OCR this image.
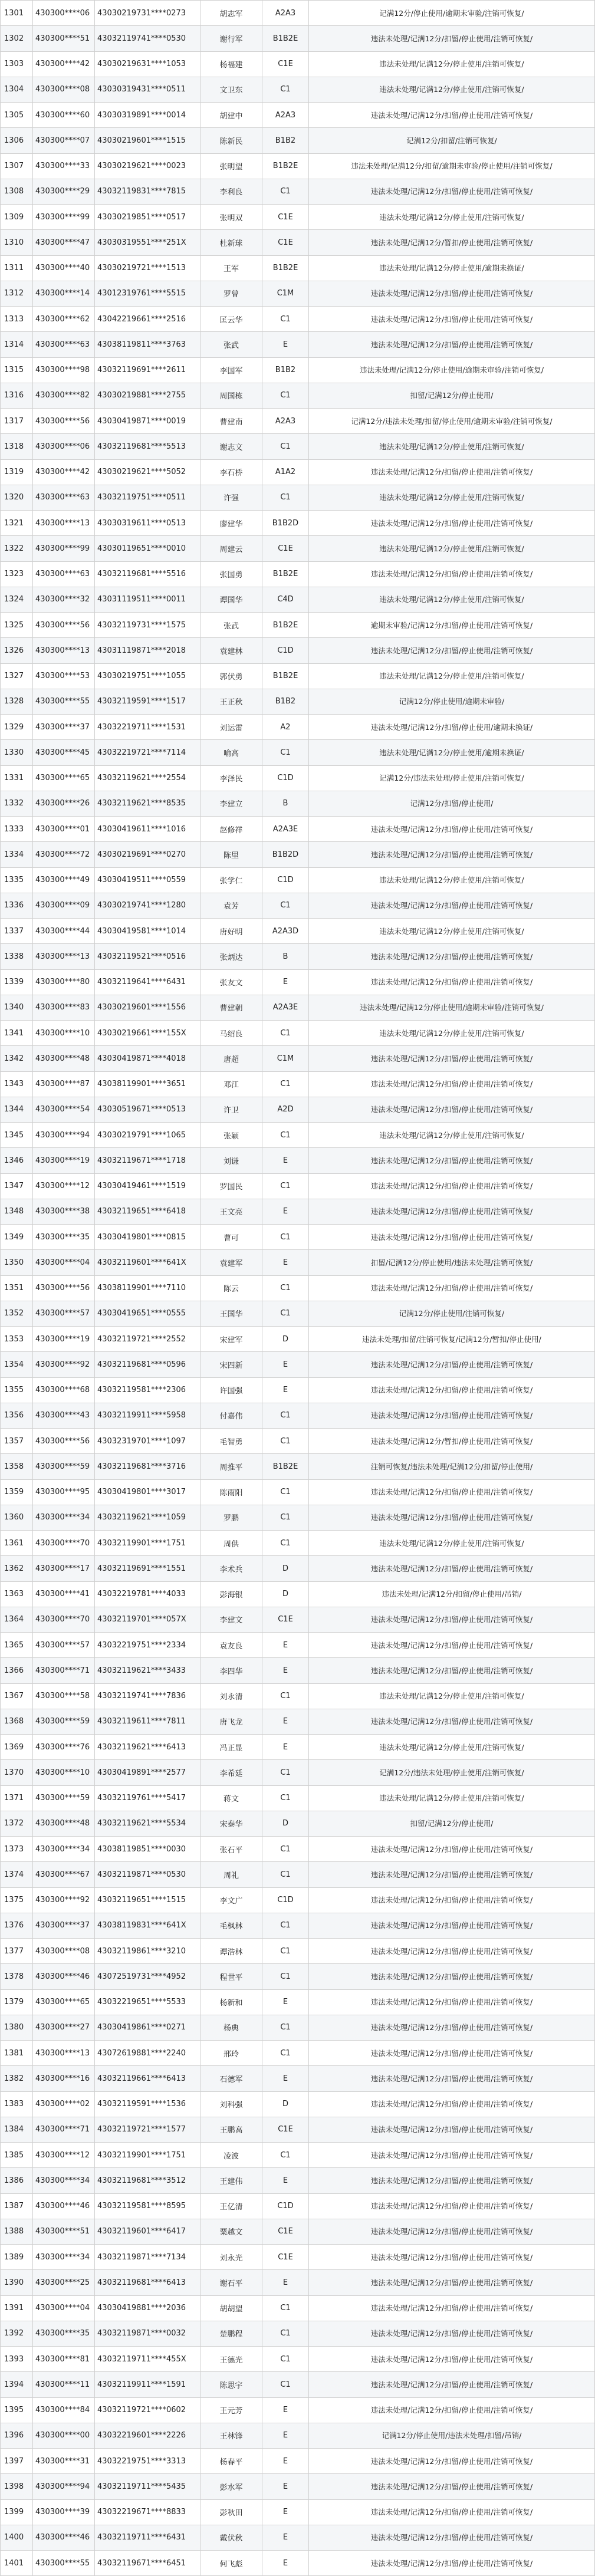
1301	430300****06	43030219731****0273	胡志军	A2A3	记满12分/停止使用/逾期未审验/注销可恢复/
1302	430300****51	43032119741****0530	谢行军	B1B2E	违法未处理/记满12分/扣留/停止使用/注销可恢复/
1303	430300****42	43030219631****1053	杨福建	C1E	违法未处理/记满12分/停止使用/注销可恢复/
1304	430300****08	43030319431****0511	文卫东	C1	违法未处理/记满12分/停止使用/注销可恢复/
1305	430300****60	43030319891****0014	胡建中	A2A3	违法未处理/记满12分/扣留/停止使用/注销可恢复/
1306	430300****07	43030219601****1515	陈新民	B1B2	记满12分/扣留/注销可恢复/
1307	430300****33	43030219621****0023	张明望	B1B2E	违法未处理/记满12分/扣留/逾期未审验/停止使用/注销可恢复/
1308	430300****29	43032119831****7815	李利良	C1	违法未处理/记满12分/扣留/停止使用/注销可恢复/
1309	430300****99	43030219851****0517	张明双	C1E	违法未处理/记满12分/停止使用/注销可恢复/
1310	430300****47	43030319551****251X	杜新球	C1E	违法未处理/记满12分/暂扣/停止使用/注销可恢复/
1311	430300****40	43030219721****1513	王军	B1B2E	违法未处理/记满12分/停止使用/逾期未换证/
1312	430300****14	43012319761****5515	罗曾	C1M	违法未处理/记满12分/扣留/停止使用/注销可恢复/
1313	430300****62	43042219661****2516	匡云华	C1	违法未处理/记满12分/扣留/停止使用/注销可恢复/
1314	430300****63	43038119811****3763	张武	E	违法未处理/记满12分/扣留/停止使用/注销可恢复/
1315	430300****98	43032119691****2611	李国军	B1B2	违法未处理/记满12分/停止使用/逾期未审验/注销可恢复/
1316	430300****82	43030219881****2755	周国栋	C1	扣留/记满12分/停止使用/
1317	430300****56	43030419871****0019	曹建南	A2A3	记满12分/违法未处理/扣留/停止使用/逾期未审验/注销可恢复/
1318	430300****06	43032119681****5513	谢志文	C1	违法未处理/记满12分/停止使用/注销可恢复/
1319	430300****42	43030219621****5052	李石桥	A1A2	违法未处理/记满12分/扣留/停止使用/注销可恢复/
1320	430300****63	43032119751****0511	许强	C1	违法未处理/记满12分/停止使用/注销可恢复/
1321	430300****13	43030319611****0513	廖建华	B1B2D	违法未处理/记满12分/扣留/停止使用/注销可恢复/
1322	430300****99	43030119651****0010	周建云	C1E	违法未处理/记满12分/停止使用/注销可恢复/
1323	430300****63	43032119681****5516	张国勇	B1B2E	违法未处理/记满12分/扣留/停止使用/注销可恢复/
1324	430300****32	43031119511****0011	谭国华	C4D	违法未处理/记满12分/停止使用/注销可恢复/
1325	430300****56	43032119731****1575	张武	B1B2E	逾期未审验/记满12分/扣留/停止使用/注销可恢复/
1326	430300****13	43031119871****2018	袁建林	C1D	违法未处理/记满12分/扣留/停止使用/注销可恢复/
1327	430300****53	43030219751****1055	郭伏勇	B1B2E	违法未处理/记满12分/停止使用/注销可恢复/
1328	430300****55	43032119591****1517	王正秋	B1B2	记满12分/停止使用/逾期未审验/
1329	430300****37	43032219711****1531	刘运雷	A2	违法未处理/记满12分/扣留/停止使用/逾期未换证/
1330	430300****45	43032219721****7114	喻高	C1	违法未处理/记满12分/停止使用/逾期未换证/
1331	430300****65	43032119621****2554	李泽民	C1D	记满12分/违法未处理/停止使用/注销可恢复/
1332	430300****26	43032119621****8535	李建立	B	记满12分/扣留/停止使用/
1333	430300****01	43030419611****1016	赵修祥	A2A3E	违法未处理/记满12分/扣留/停止使用/注销可恢复/
1334	430300****72	43030219691****0270	陈里	B1B2D	违法未处理/记满12分/扣留/停止使用/注销可恢复/
1335	430300****49	43030419511****0559	张学仁	C1D	违法未处理/记满12分/停止使用/注销可恢复/
1336	430300****09	43030219741****1280	袁芳	C1	违法未处理/记满12分/扣留/停止使用/注销可恢复/
1337	430300****44	43030419581****1014	唐好明	A2A3D	违法未处理/记满12分/停止使用/注销可恢复/
1338	430300****13	43032119521****0516	张炳达	B	违法未处理/记满12分/扣留/停止使用/注销可恢复/
1339	430300****80	43032119641****6431	张友文	E	违法未处理/记满12分/扣留/停止使用/注销可恢复/
1340	430300****83	43030219601****1556	曹建朝	A2A3E	违法未处理/记满12分/停止使用/逾期未审验/注销可恢复/
1341	430300****10	43030219661****155X	马绍良	C1	违法未处理/记满12分/停止使用/注销可恢复/
1342	430300****48	43030419871****4018	唐超	C1M	违法未处理/记满12分/扣留/停止使用/注销可恢复/
1343	430300****87	43038119901****3651	邓江	C1	违法未处理/记满12分/扣留/停止使用/注销可恢复/
1344	430300****54	43030519671****0513	许卫	A2D	违法未处理/记满12分/扣留/停止使用/注销可恢复/
1345	430300****94	43030219791****1065	张颖	C1	违法未处理/记满12分/停止使用/注销可恢复/
1346	430300****19	43032119671****1718	刘谦	E	违法未处理/记满12分/扣留/停止使用/注销可恢复/
1347	430300****12	43030419461****1519	罗国民	C1	违法未处理/记满12分/扣留/停止使用/注销可恢复/
1348	430300****38	43032119651****6418	王文亮	E	违法未处理/记满12分/扣留/停止使用/注销可恢复/
1349	430300****35	43030419801****0815	曹可	C1	违法未处理/记满12分/扣留/停止使用/注销可恢复/
1350	430300****04	43032119601****641X	袁建军	E	扣留/记满12分/停止使用/违法未处理/注销可恢复/
1351	430300****56	43038119901****7110	陈云	C1	违法未处理/记满12分/扣留/停止使用/注销可恢复/
1352	430300****57	43030419651****0555	王国华	C1	记满12分/停止使用/注销可恢复/
1353	430300****19	43032119721****2552	宋建军	D	违法未处理/扣留/注销可恢复/记满12分/暂扣/停止使用/
1354	430300****92	43032119681****0596	宋四新	E	违法未处理/记满12分/扣留/停止使用/注销可恢复/
1355	430300****68	43032119581****2306	许国强	E	违法未处理/记满12分/扣留/停止使用/注销可恢复/
1356	430300****43	43032119911****5958	付嘉伟	C1	违法未处理/记满12分/扣留/停止使用/注销可恢复/
1357	430300****56	43032319701****1097	毛智勇	C1	违法未处理/记满12分/暂扣/停止使用/注销可恢复/
1358	430300****59	43032119681****3716	周推平	B1B2E	注销可恢复/违法未处理/记满12分/扣留/停止使用/
1359	430300****95	43030419801****3017	陈雨阳	C1	违法未处理/记满12分/扣留/停止使用/注销可恢复/
1360	430300****34	43032119621****1059	罗鹏	C1	违法未处理/记满12分/扣留/停止使用/注销可恢复/
1361	430300****70	43032119901****1751	周供	C1	违法未处理/记满12分/停止使用/注销可恢复/
1362	430300****17	43032119691****1551	李术兵	D	违法未处理/记满12分/扣留/停止使用/注销可恢复/
1363	430300****41	43032219781****4033	彭海银	D	违法未处理/记满12分/扣留/停止使用/吊销/
1364	430300****70	43032119701****057X	李建文	C1E	违法未处理/记满12分/扣留/停止使用/注销可恢复/
1365	430300****57	43032219751****2334	袁友良	E	违法未处理/记满12分/扣留/停止使用/注销可恢复/
1366	430300****71	43032119621****3433	李四华	E	违法未处理/记满12分/扣留/停止使用/注销可恢复/
1367	430300****58	43032119741****7836	刘永清	C1	违法未处理/记满12分/停止使用/注销可恢复/
1368	430300****59	43032119611****7811	唐飞龙	E	违法未处理/记满12分/扣留/停止使用/注销可恢复/
1369	430300****76	43032119621****6413	冯正显	E	违法未处理/记满12分/停止使用/注销可恢复/
1370	430300****10	43030419891****2577	李希廷	C1	记满12分/违法未处理/停止使用/注销可恢复/
1371	430300****59	43032119761****5417	蒋文	C1	违法未处理/记满12分/停止使用/注销可恢复/
1372	430300****48	43032119621****5534	宋泰华	D	扣留/记满12分/停止使用/
1373	430300****34	43038119851****0030	张石平	C1	违法未处理/记满12分/扣留/停止使用/注销可恢复/
1374	430300****67	43032119871****0530	周礼	C1	违法未处理/记满12分/扣留/停止使用/注销可恢复/
1375	430300****92	43032119651****1515	李文广	C1D	违法未处理/记满12分/扣留/停止使用/注销可恢复/
1376	430300****37	43038119831****641X	毛枫林	C1	违法未处理/记满12分/扣留/停止使用/注销可恢复/
1377	430300****08	43032119861****3210	谭浩林	C1	违法未处理/记满12分/扣留/停止使用/注销可恢复/
1378	430300****46	43072519731****4952	程世平	C1	违法未处理/记满12分/扣留/停止使用/注销可恢复/
1379	430300****65	43032219651****5533	杨新和	E	违法未处理/记满12分/扣留/停止使用/注销可恢复/
1380	430300****27	43030419861****0271	杨典	C1	违法未处理/记满12分/扣留/停止使用/注销可恢复/
1381	430300****13	43072619881****2240	邢玲	C1	违法未处理/记满12分/扣留/停止使用/注销可恢复/
1382	430300****16	43032119661****6413	石德军	E	违法未处理/记满12分/扣留/停止使用/注销可恢复/
1383	430300****02	43032119591****1536	刘科强	D	违法未处理/记满12分/扣留/停止使用/注销可恢复/
1384	430300****71	43032119721****1577	王鹏高	C1E	违法未处理/记满12分/扣留/停止使用/注销可恢复/
1385	430300****12	43032119901****1751	凌波	C1	违法未处理/记满12分/扣留/停止使用/注销可恢复/
1386	430300****34	43032119681****3512	王建伟	E	违法未处理/记满12分/扣留/停止使用/注销可恢复/
1387	430300****46	43032119581****8595	王亿清	C1D	违法未处理/记满12分/扣留/停止使用/注销可恢复/
1388	430300****51	43032119601****6417	粟越文	C1E	违法未处理/记满12分/扣留/停止使用/注销可恢复/
1389	430300****34	43032119871****7134	刘永光	C1E	违法未处理/记满12分/扣留/停止使用/注销可恢复/
1390	430300****25	43032119681****6413	谢石平	E	违法未处理/记满12分/扣留/停止使用/注销可恢复/
1391	430300****04	43030419881****2036	胡胡望	C1	违法未处理/记满12分/扣留/停止使用/注销可恢复/
1392	430300****35	43032119871****0032	楚鹏程	C1	违法未处理/记满12分/扣留/停止使用/注销可恢复/
1393	430300****81	43032119711****455X	王德光	C1	违法未处理/记满12分/扣留/停止使用/注销可恢复/
1394	430300****11	43032119911****1591	陈思宇	C1	违法未处理/记满12分/扣留/停止使用/注销可恢复/
1395	430300****84	43032119721****0602	王元芳	E	违法未处理/记满12分/扣留/停止使用/注销可恢复/
1396	430300****00	43032219601****2226	王林锋	E	记满12分/停止使用/违法未处理/扣留/吊销/
1397	430300****31	43032219751****3313	杨春平	E	违法未处理/记满12分/扣留/停止使用/注销可恢复/
1398	430300****94	43032119711****5435	彭水军	E	违法未处理/记满12分/扣留/停止使用/注销可恢复/
1399	430300****39	43032219671****8833	彭秋田	E	违法未处理/记满12分/扣留/停止使用/注销可恢复/
1400	430300****46	43032119711****6431	戴伏秋	E	违法未处理/记满12分/扣留/停止使用/注销可恢复/
1401	430300****55	43032119671****6451	何飞彪	E	违法未处理/记满12分/扣留/停止使用/注销可恢复/
